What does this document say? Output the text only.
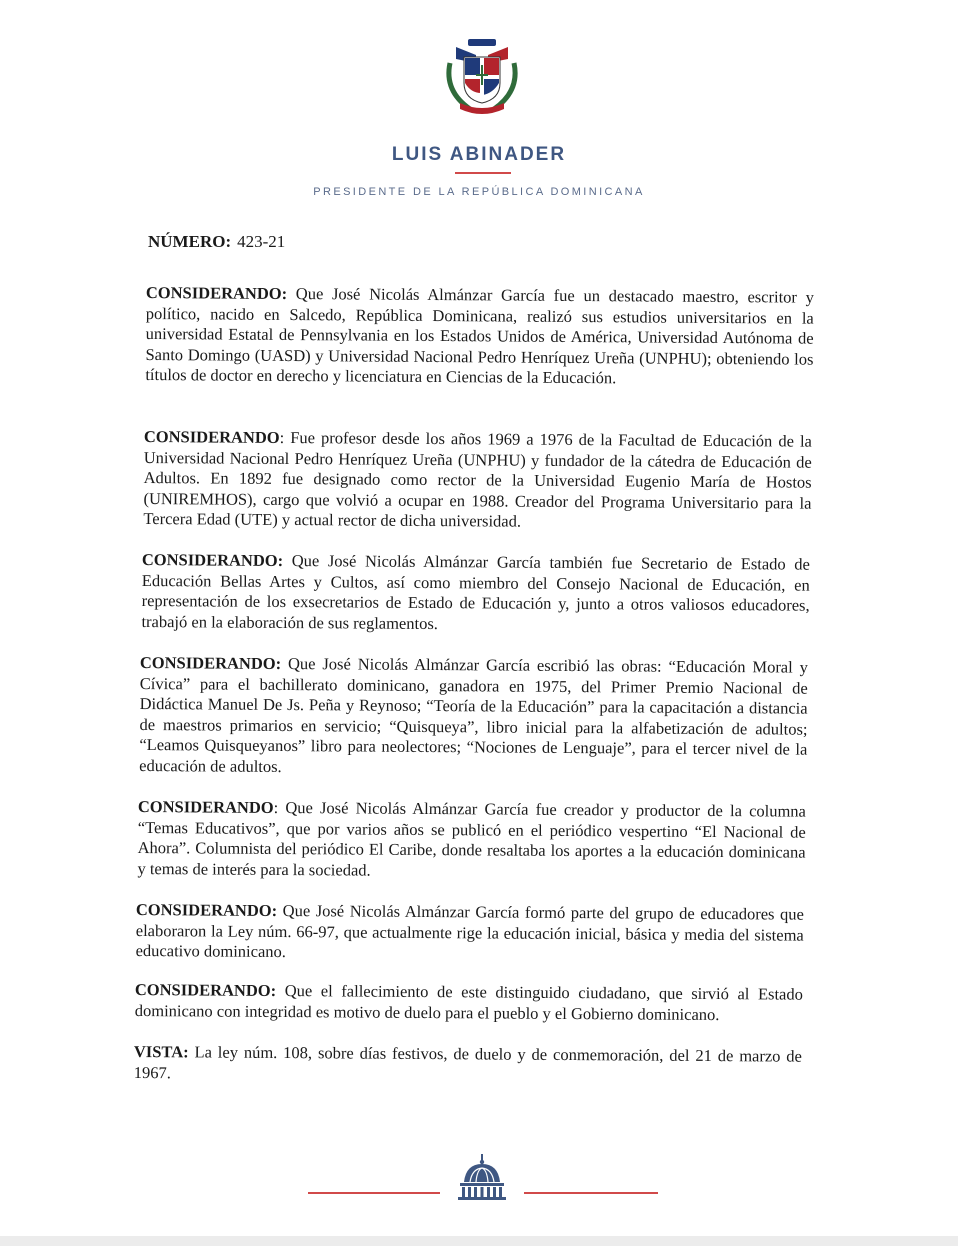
LUIS ABINADER
PRESIDENTE DE LA REPÚBLICA DOMINICANA
NÚMERO: 423-21
CONSIDERANDO: Que José Nicolás Almánzar García fue un destacado maestro, escritor y político, nacido en Salcedo, República Dominicana, realizó sus estudios universitarios en la universidad Estatal de Pennsylvania en los Estados Unidos de América, Universidad Autónoma de Santo Domingo (UASD) y Universidad Nacional Pedro Henríquez Ureña (UNPHU); obteniendo los títulos de doctor en derecho y licenciatura en Ciencias de la Educación.
CONSIDERANDO: Fue profesor desde los años 1969 a 1976 de la Facultad de Educación de la Universidad Nacional Pedro Henríquez Ureña (UNPHU) y fundador de la cátedra de Educación de Adultos. En 1892 fue designado como rector de la Universidad Eugenio María de Hostos (UNIREMHOS), cargo que volvió a ocupar en 1988. Creador del Programa Universitario para la Tercera Edad (UTE) y actual rector de dicha universidad.
CONSIDERANDO: Que José Nicolás Almánzar García también fue Secretario de Estado de Educación Bellas Artes y Cultos, así como miembro del Consejo Nacional de Educación, en representación de los exsecretarios de Estado de Educación y, junto a otros valiosos educadores, trabajó en la elaboración de sus reglamentos.
CONSIDERANDO: Que José Nicolás Almánzar García escribió las obras: “Educación Moral y Cívica” para el bachillerato dominicano, ganadora en 1975, del Primer Premio Nacional de Didáctica Manuel De Js. Peña y Reynoso; “Teoría de la Educación” para la capacitación a distancia de maestros primarios en servicio; “Quisqueya”, libro inicial para la alfabetización de adultos; “Leamos Quisqueyanos” libro para neolectores; “Nociones de Lenguaje”, para el tercer nivel de la educación de adultos.
CONSIDERANDO: Que José Nicolás Almánzar García fue creador y productor de la columna “Temas Educativos”, que por varios años se publicó en el periódico vespertino “El Nacional de Ahora”. Columnista del periódico El Caribe, donde resaltaba los aportes a la educación dominicana y temas de interés para la sociedad.
CONSIDERANDO: Que José Nicolás Almánzar García formó parte del grupo de educadores que elaboraron la Ley núm. 66-97, que actualmente rige la educación inicial, básica y media del sistema educativo dominicano.
CONSIDERANDO: Que el fallecimiento de este distinguido ciudadano, que sirvió al Estado dominicano con integridad es motivo de duelo para el pueblo y el Gobierno dominicano.
VISTA: La ley núm. 108, sobre días festivos, de duelo y de conmemoración, del 21 de marzo de 1967.
